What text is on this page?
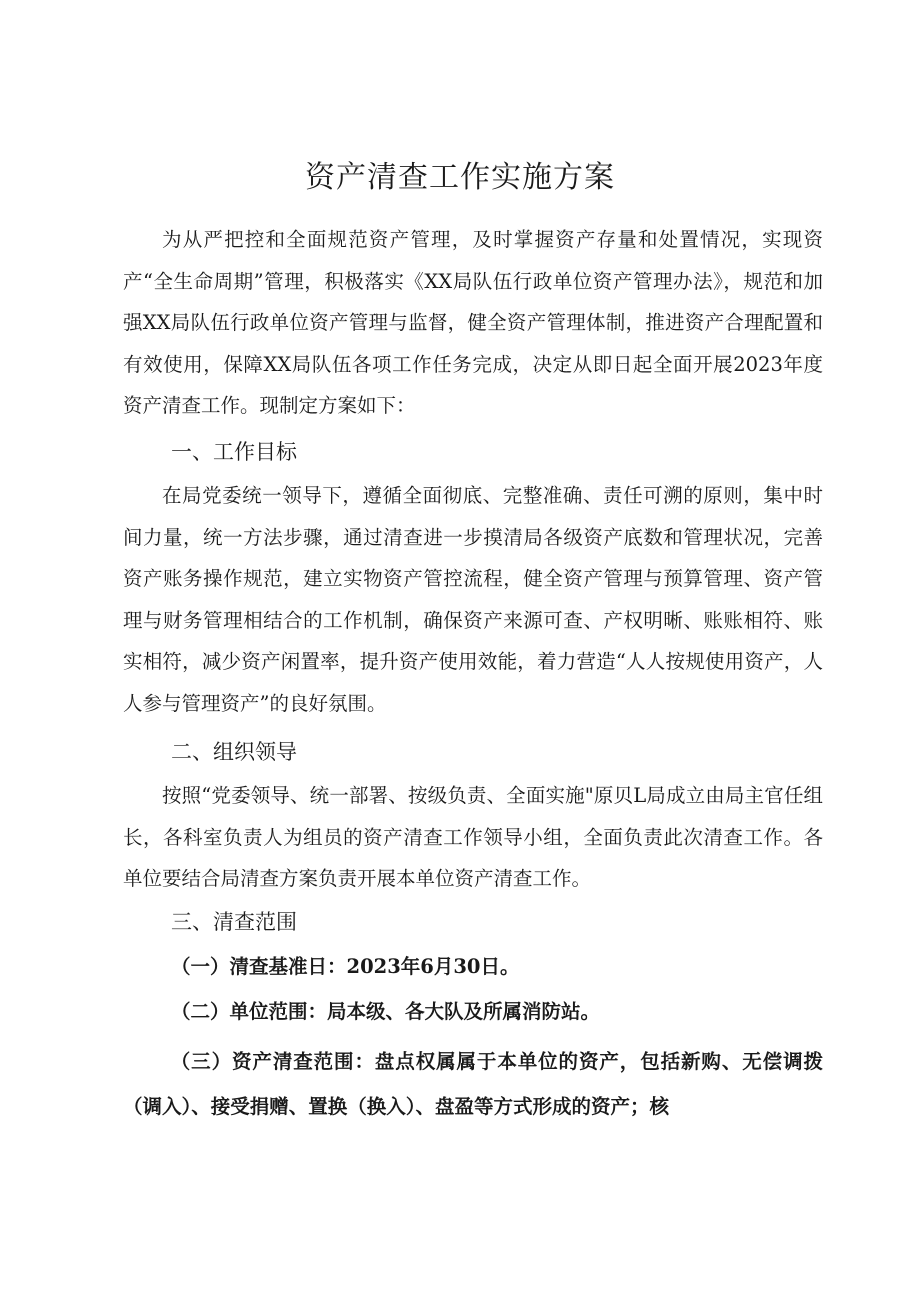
资产清查工作实施方案

为从严把控和全面规范资产管理，及时掌握资产存量和处置情况，实现资产“全生命周期”管理，积极落实《XX局队伍行政单位资产管理办法》，规范和加强XX局队伍行政单位资产管理与监督，健全资产管理体制，推进资产合理配置和有效使用，保障XX局队伍各项工作任务完成，决定从即日起全面开展2023年度资产清查工作。现制定方案如下：

一、工作目标

在局党委统一领导下，遵循全面彻底、完整准确、责任可溯的原则，集中时间力量，统一方法步骤，通过清查进一步摸清局各级资产底数和管理状况，完善资产账务操作规范，建立实物资产管控流程，健全资产管理与预算管理、资产管理与财务管理相结合的工作机制，确保资产来源可查、产权明晰、账账相符、账实相符，减少资产闲置率，提升资产使用效能，着力营造“人人按规使用资产，人人参与管理资产”的良好氛围。

二、组织领导

按照“党委领导、统一部署、按级负责、全面实施"原贝L局成立由局主官任组长，各科室负责人为组员的资产清查工作领导小组，全面负责此次清查工作。各单位要结合局清查方案负责开展本单位资产清查工作。

三、清查范围

（一）清查基准日：2023年6月30日。

（二）单位范围：局本级、各大队及所属消防站。

（三）资产清查范围：盘点权属属于本单位的资产，包括新购、无偿调拨（调入）、接受捐赠、置换（换入）、盘盈等方式形成的资产；核
